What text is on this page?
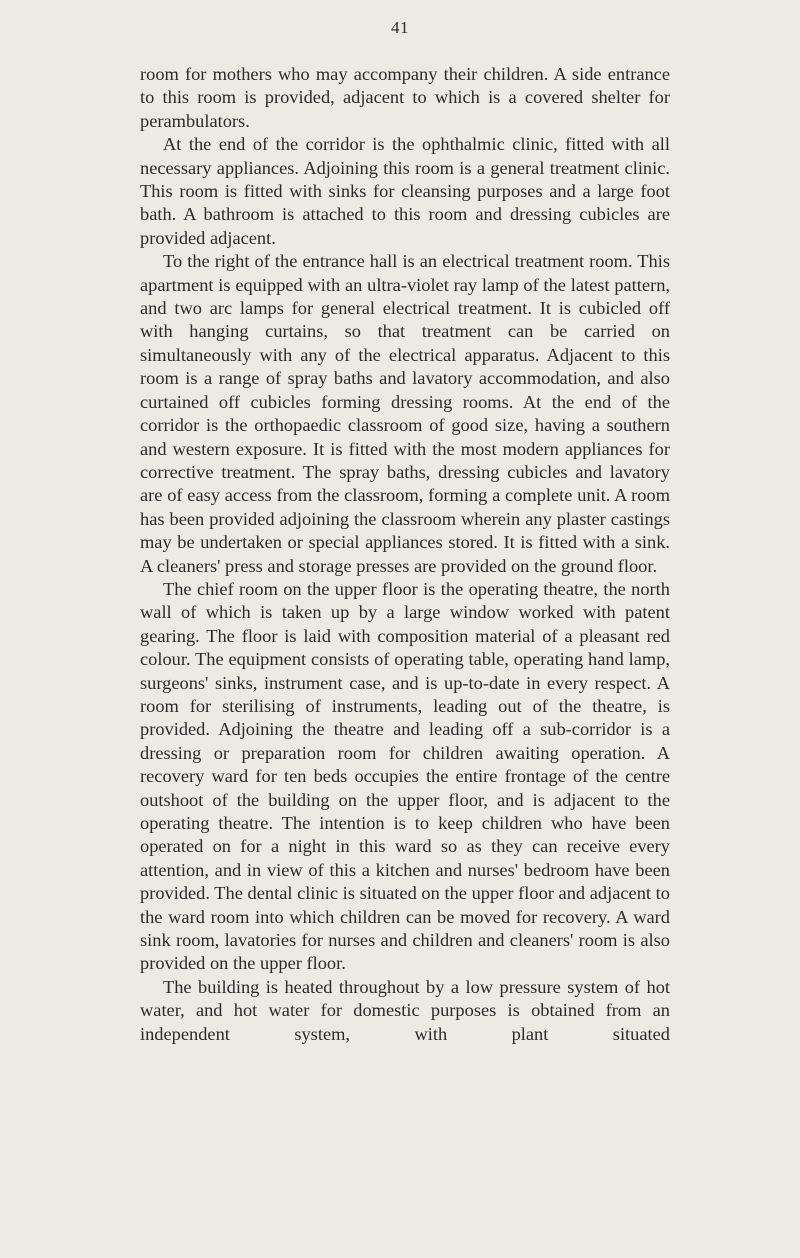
41

room for mothers who may accompany their children. A side entrance to this room is provided, adjacent to which is a covered shelter for perambulators.

At the end of the corridor is the ophthalmic clinic, fitted with all necessary appliances. Adjoining this room is a general treatment clinic. This room is fitted with sinks for cleansing purposes and a large foot bath. A bathroom is attached to this room and dressing cubicles are provided adjacent.

To the right of the entrance hall is an electrical treatment room. This apartment is equipped with an ultra-violet ray lamp of the latest pattern, and two arc lamps for general electrical treatment. It is cubicled off with hanging curtains, so that treatment can be carried on simultaneously with any of the electrical apparatus. Adjacent to this room is a range of spray baths and lavatory accommodation, and also curtained off cubicles forming dressing rooms. At the end of the corridor is the orthopaedic classroom of good size, having a southern and western exposure. It is fitted with the most modern appliances for corrective treatment. The spray baths, dressing cubicles and lavatory are of easy access from the classroom, forming a complete unit. A room has been provided adjoining the classroom wherein any plaster castings may be undertaken or special appliances stored. It is fitted with a sink. A cleaners' press and storage presses are provided on the ground floor.

The chief room on the upper floor is the operating theatre, the north wall of which is taken up by a large window worked with patent gearing. The floor is laid with composition material of a pleasant red colour. The equipment consists of operating table, operating hand lamp, surgeons' sinks, instrument case, and is up-to-date in every respect. A room for sterilising of instruments, leading out of the theatre, is provided. Adjoining the theatre and leading off a sub-corridor is a dressing or preparation room for children awaiting operation. A recovery ward for ten beds occupies the entire frontage of the centre outshoot of the building on the upper floor, and is adjacent to the operating theatre. The intention is to keep children who have been operated on for a night in this ward so as they can receive every attention, and in view of this a kitchen and nurses' bedroom have been provided. The dental clinic is situated on the upper floor and adjacent to the ward room into which children can be moved for recovery. A ward sink room, lavatories for nurses and children and cleaners' room is also provided on the upper floor.

The building is heated throughout by a low pressure system of hot water, and hot water for domestic purposes is obtained from an independent system, with plant situated
